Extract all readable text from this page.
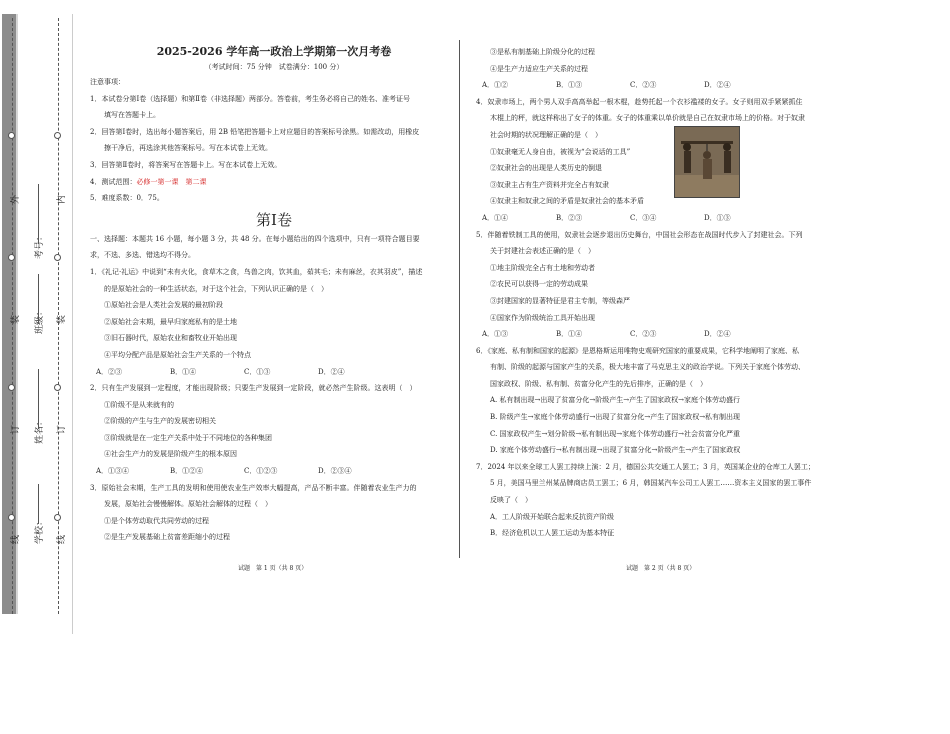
外
装
订
线
内
装
订
线
学校：
姓名：
班级：
考号：

2025-2026 学年高一政治上学期第一次月考卷

（考试时间：75 分钟　试卷满分：100 分）

注意事项：

1．本试卷分第Ⅰ卷（选择题）和第Ⅱ卷（非选择题）两部分。答卷前，考生务必将自己的姓名、准考证号

填写在答题卡上。

2．回答第Ⅰ卷时，选出每小题答案后，用 2B 铅笔把答题卡上对应题目的答案标号涂黑。如需改动，用橡皮

擦干净后，再选涂其他答案标号。写在本试卷上无效。

3．回答第Ⅱ卷时，将答案写在答题卡上。写在本试卷上无效。

4．测试范围：必修一第一课　第二课

5．难度系数：0．75。

第Ⅰ卷

一、选择题：本题共 16 小题，每小题 3 分，共 48 分。在每小题给出的四个选项中，只有一项符合题目要

求，不选、多选、错选均不得分。

1．《礼记·礼运》中说到“未有火化，食草木之食，鸟兽之肉，饮其血，茹其毛；未有麻丝，衣其羽皮”，描述

的是原始社会的一种生活状态，对于这个社会，下列认识正确的是（　）

①原始社会是人类社会发展的最初阶段

②原始社会末期，最早归家庭私有的是土地

③旧石器时代，原始农业和畜牧业开始出现

④平均分配产品是原始社会生产关系的一个特点

A．②③	B．①④	C．①③	D．②④

2．只有生产发展到一定程度，才能出现阶级；只要生产发展到一定阶段，就必然产生阶级。这表明（　）

①阶级不是从来就有的

②阶级的产生与生产的发展密切相关

③阶级就是在一定生产关系中处于不同地位的各种集团

④社会生产力的发展是阶级产生的根本原因

A．①③④	B．①②④	C．①②③	D．②③④

3．原始社会末期，生产工具的发明和使用使农业生产效率大幅提高，产品不断丰富。伴随着农业生产力的

发展，原始社会慢慢解体。原始社会解体的过程（　）

①是个体劳动取代共同劳动的过程

②是生产发展基础上贫富差距缩小的过程

试题　第 1 页（共 8 页）

③是私有制基础上阶级分化的过程

④是生产力适应生产关系的过程

A．①②	B．①③	C．②③	D．②④

4．奴隶市场上，两个男人双手高高举起一根木棍，趁势托起一个衣衫褴褛的女子。女子则用双手紧紧抓住

木棍上的秤，就这样称出了女子的体重。女子的体重乘以单价就是自己在奴隶市场上的价格。对于奴隶

社会时期的状况理解正确的是（　）

①奴隶毫无人身自由，被视为“会说话的工具”

②奴隶社会的出现是人类历史的倒退

③奴隶主占有生产资料并完全占有奴隶

④奴隶主和奴隶之间的矛盾是奴隶社会的基本矛盾

A．①④	B．②③	C．③④	D．①③

5．伴随着铁制工具的使用，奴隶社会逐步退出历史舞台，中国社会形态在战国时代步入了封建社会。下列

关于封建社会表述正确的是（　）

①地主阶级完全占有土地和劳动者

②农民可以获得一定的劳动成果

③封建国家的显著特征是君主专制，等级森严

④国家作为阶级统治工具开始出现

A．①③	B．①④	C．②③	D．②④

6．《家庭、私有制和国家的起源》是恩格斯运用唯物史观研究国家的重要成果，它科学地阐明了家庭、私

有制、阶级的起源与国家产生的关系，极大地丰富了马克思主义的政治学说。下列关于家庭个体劳动、

国家政权、阶级、私有制、贫富分化产生的先后排序，正确的是（　）

A. 私有制出现→出现了贫富分化→阶级产生→产生了国家政权→家庭个体劳动盛行

B. 阶级产生→家庭个体劳动盛行→出现了贫富分化→产生了国家政权→私有制出现

C. 国家政权产生→划分阶级→私有制出现→家庭个体劳动盛行→社会贫富分化严重

D. 家庭个体劳动盛行→私有制出现→出现了贫富分化→阶级产生→产生了国家政权

7．2024 年以来全球工人罢工持续上演：2 月，德国公共交通工人罢工；3 月，英国某企业的仓库工人罢工；

5 月，美国马里兰州某品牌商店员工罢工；6 月，韩国某汽车公司工人罢工……资本主义国家的罢工事件

反映了（　）

A．工人阶级开始联合起来反抗资产阶级

B．经济危机以工人罢工运动为基本特征

试题　第 2 页（共 8 页）
